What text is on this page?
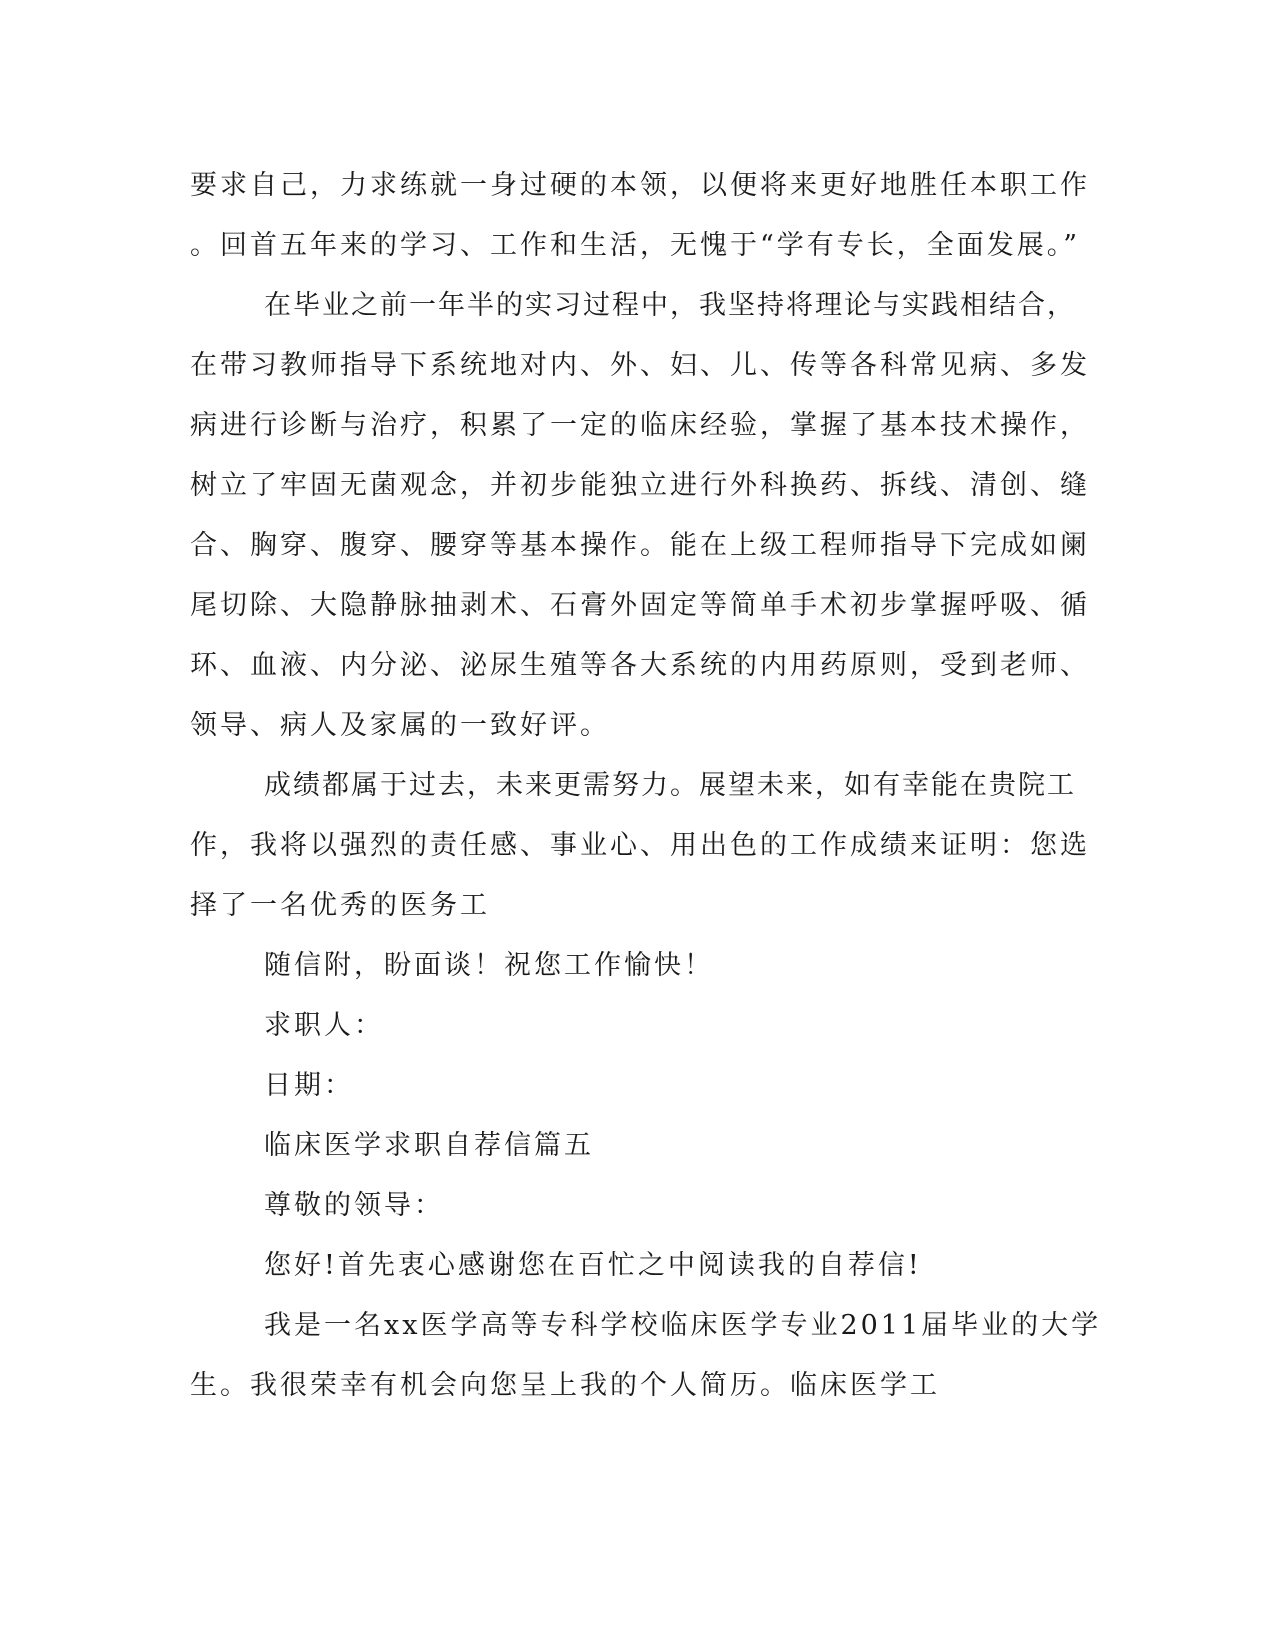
要求自己，力求练就一身过硬的本领，以便将来更好地胜任本职工作

。回首五年来的学习、工作和生活，无愧于“学有专长，全面发展。”

在毕业之前一年半的实习过程中，我坚持将理论与实践相结合，

在带习教师指导下系统地对内、外、妇、儿、传等各科常见病、多发

病进行诊断与治疗，积累了一定的临床经验，掌握了基本技术操作，

树立了牢固无菌观念，并初步能独立进行外科换药、拆线、清创、缝

合、胸穿、腹穿、腰穿等基本操作。能在上级工程师指导下完成如阑

尾切除、大隐静脉抽剥术、石膏外固定等简单手术初步掌握呼吸、循

环、血液、内分泌、泌尿生殖等各大系统的内用药原则，受到老师、

领导、病人及家属的一致好评。

成绩都属于过去，未来更需努力。展望未来，如有幸能在贵院工

作，我将以强烈的责任感、事业心、用出色的工作成绩来证明：您选

择了一名优秀的医务工

随信附，盼面谈！祝您工作愉快！

求职人：

日期：

临床医学求职自荐信篇五

尊敬的领导：

您好!首先衷心感谢您在百忙之中阅读我的自荐信!

我是一名xx医学高等专科学校临床医学专业2011届毕业的大学

生。我很荣幸有机会向您呈上我的个人简历。临床医学工
